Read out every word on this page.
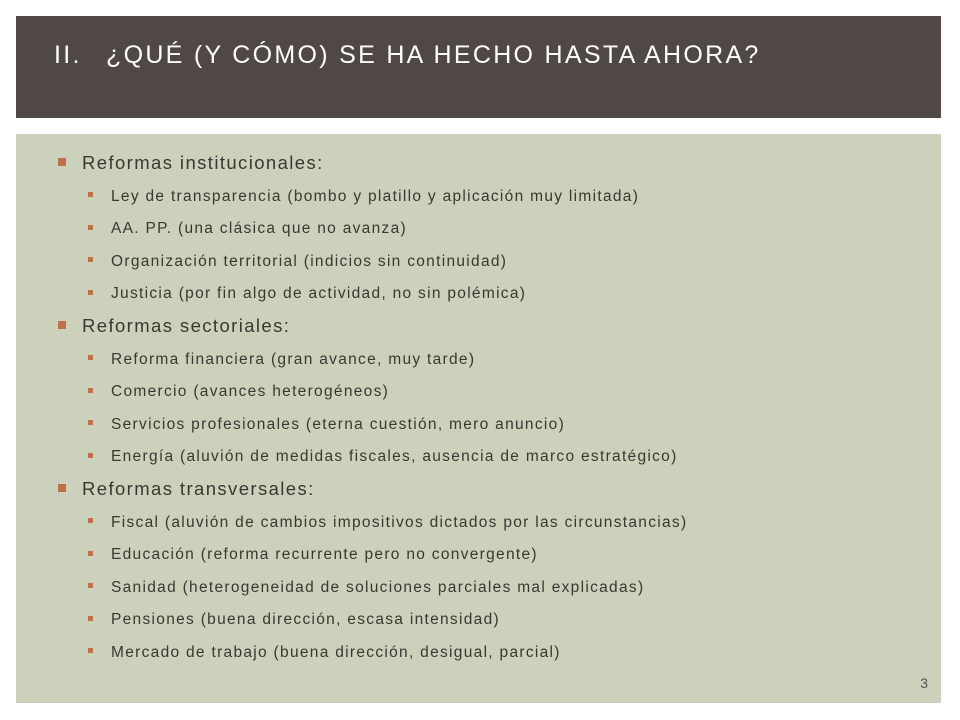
II. ¿QUÉ (Y CÓMO) SE HA HECHO HASTA AHORA?
Reformas institucionales:
Ley de transparencia (bombo y platillo y aplicación muy limitada)
AA. PP. (una clásica que no avanza)
Organización territorial (indicios sin continuidad)
Justicia (por fin algo de actividad, no sin polémica)
Reformas sectoriales:
Reforma financiera (gran avance, muy tarde)
Comercio (avances heterogéneos)
Servicios profesionales (eterna cuestión, mero anuncio)
Energía (aluvión de medidas fiscales, ausencia de marco estratégico)
Reformas transversales:
Fiscal (aluvión de cambios impositivos dictados por las circunstancias)
Educación (reforma recurrente pero no convergente)
Sanidad (heterogeneidad de soluciones parciales mal explicadas)
Pensiones (buena dirección, escasa intensidad)
Mercado de trabajo (buena dirección, desigual, parcial)
3
